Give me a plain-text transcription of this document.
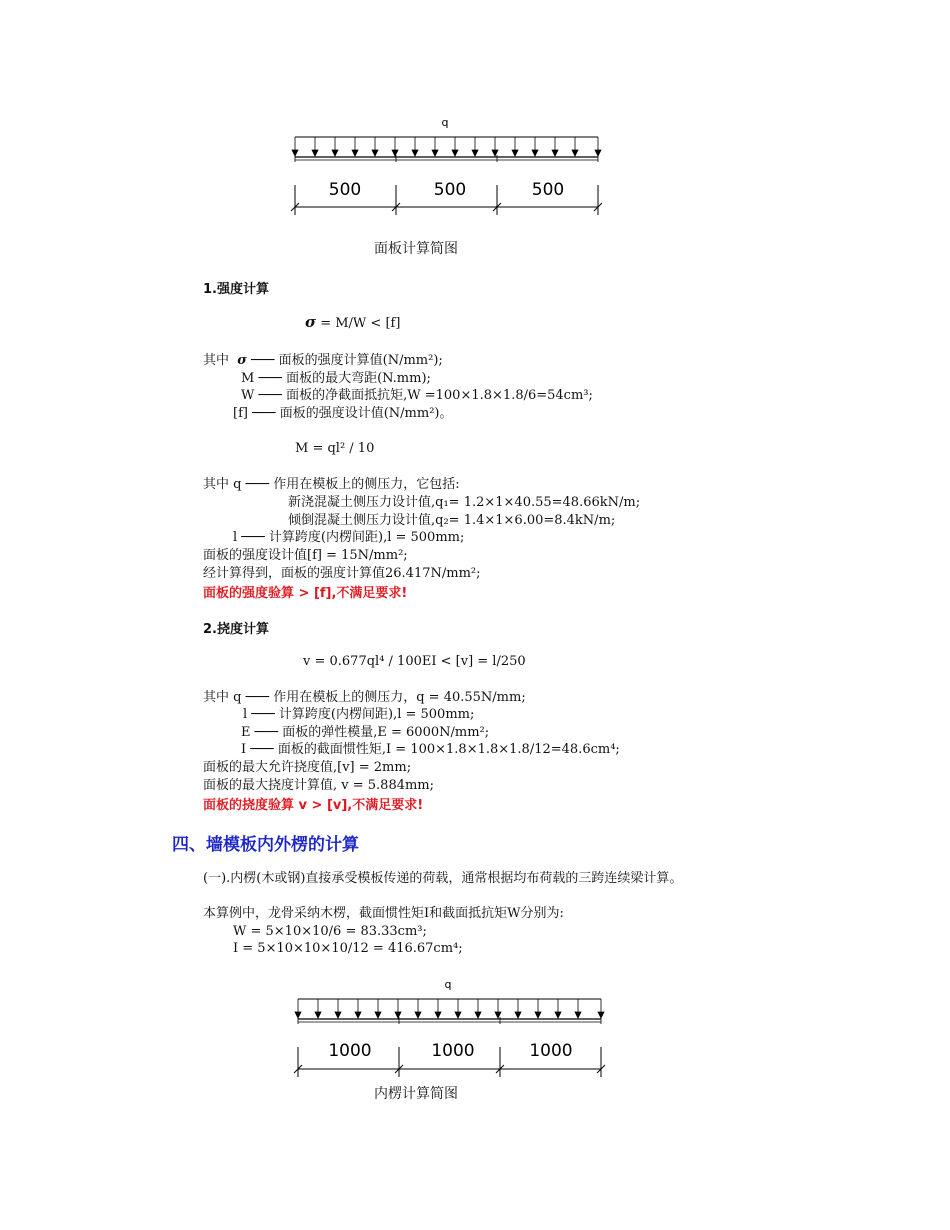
q
500	500	500
面板计算简图
1.强度计算
σ = M/W < [f]
其中 σ ─── 面板的强度计算值(N/mm²);
M ─── 面板的最大弯距(N.mm);
W ─── 面板的净截面抵抗矩,W =100×1.8×1.8/6=54cm³;
[f] ─── 面板的强度设计值(N/mm²)。
M = ql² / 10
其中 q ─── 作用在模板上的侧压力，它包括:
新浇混凝土侧压力设计值,q₁= 1.2×1×40.55=48.66kN/m;
倾倒混凝土侧压力设计值,q₂= 1.4×1×6.00=8.4kN/m;
l ─── 计算跨度(内楞间距),l = 500mm;
面板的强度设计值[f] = 15N/mm²;
经计算得到，面板的强度计算值26.417N/mm²;
面板的强度验算 > [f],不满足要求!
2.挠度计算
v = 0.677ql⁴ / 100EI < [v] = l/250
其中 q ─── 作用在模板上的侧压力，q = 40.55N/mm;
l ─── 计算跨度(内楞间距),l = 500mm;
E ─── 面板的弹性模量,E = 6000N/mm²;
I ─── 面板的截面惯性矩,I = 100×1.8×1.8×1.8/12=48.6cm⁴;
面板的最大允许挠度值,[v] = 2mm;
面板的最大挠度计算值, v = 5.884mm;
面板的挠度验算 v > [v],不满足要求!
四、墙模板内外楞的计算
(一).内楞(木或钢)直接承受模板传递的荷载，通常根据均布荷载的三跨连续梁计算。
本算例中，龙骨采纳木楞，截面惯性矩I和截面抵抗矩W分别为:
W = 5×10×10/6 = 83.33cm³;
I = 5×10×10×10/12 = 416.67cm⁴;
q
1000	1000	1000
内楞计算简图
